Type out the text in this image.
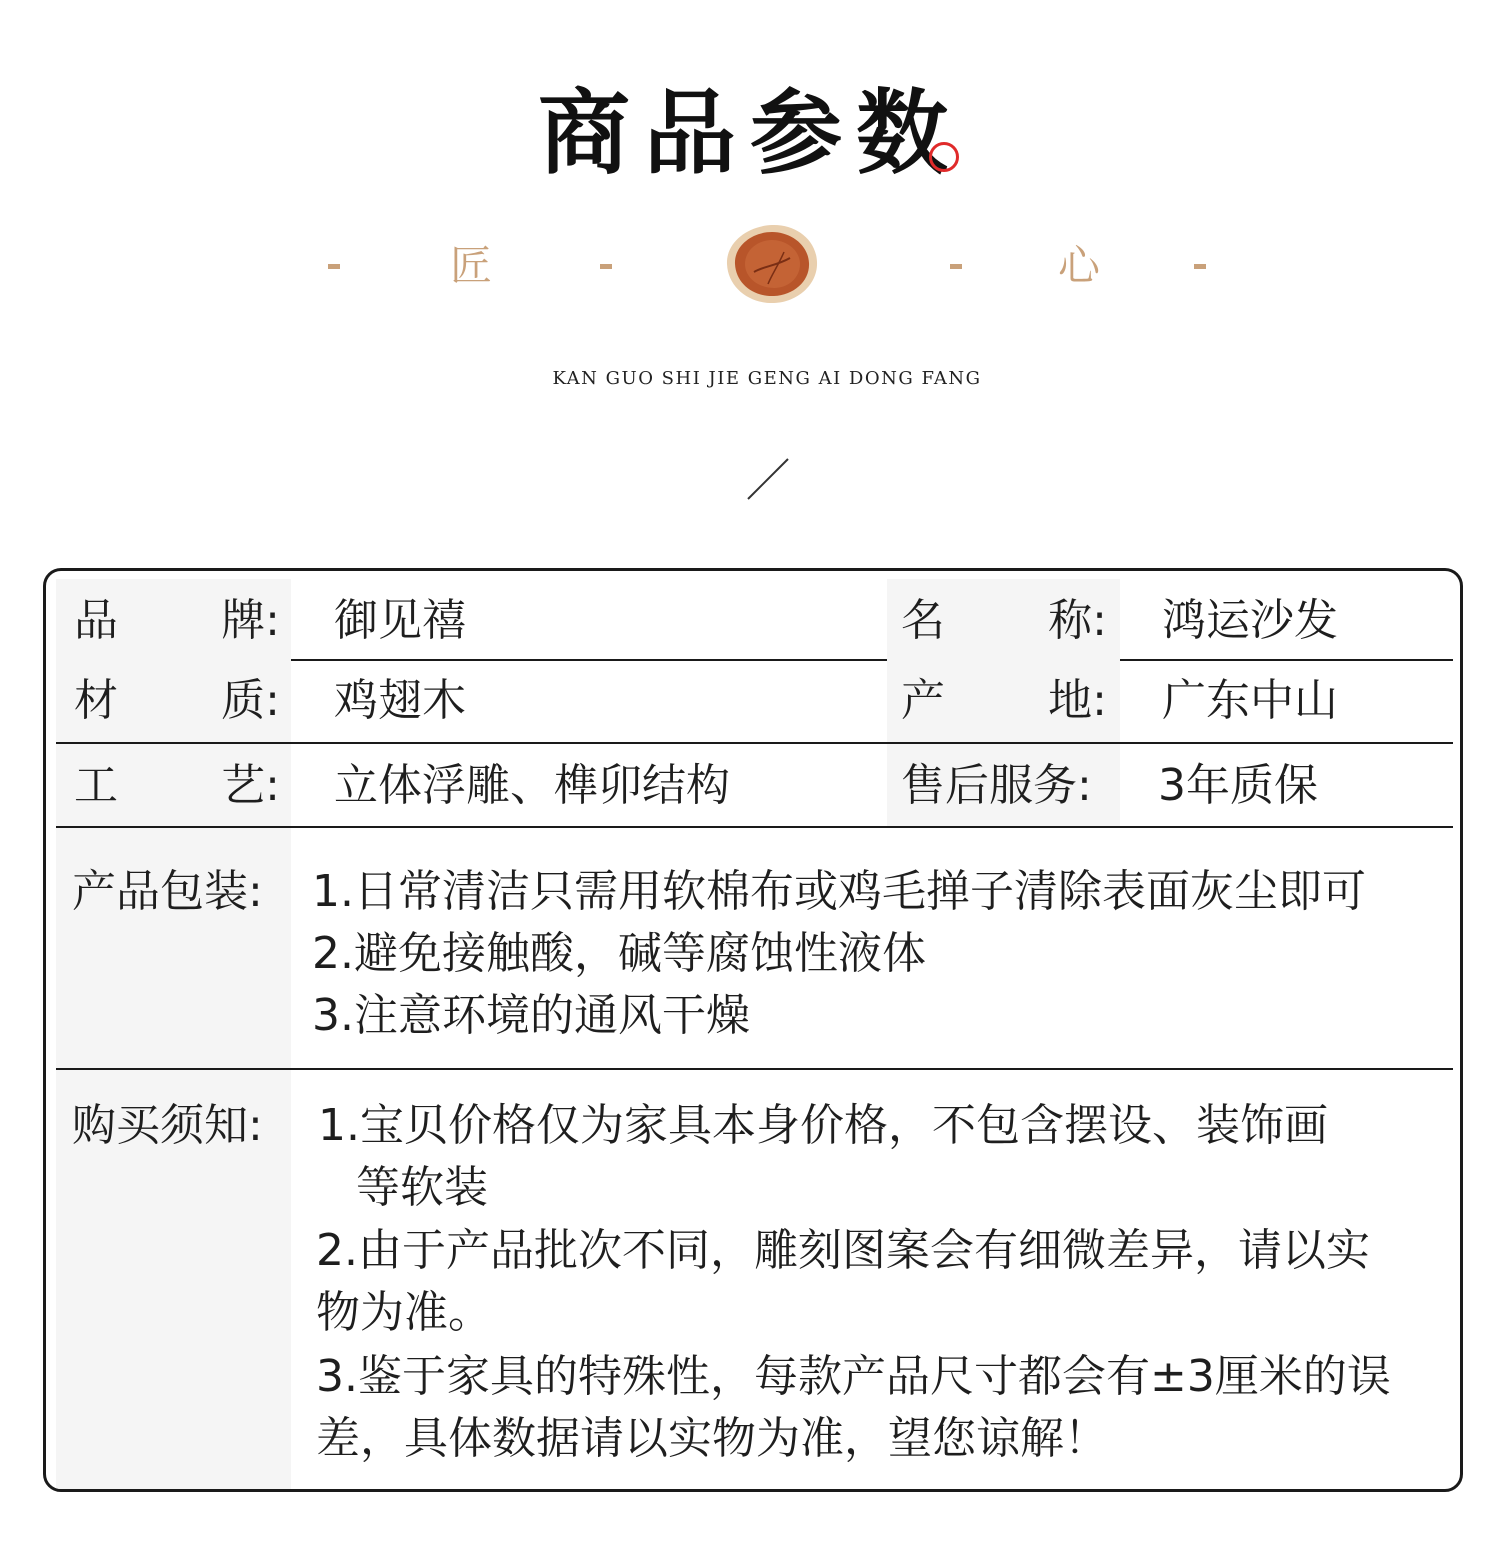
商品参数
匠	心
KAN GUO SHI JIE GENG AI DONG FANG
品 牌: 御见禧	名 称: 鸿运沙发
材 质: 鸡翅木	产 地: 广东中山
工 艺: 立体浮雕、榫卯结构	售后服务: 3年质保
产品包装: 1.日常清洁只需用软棉布或鸡毛掸子清除表面灰尘即可
2.避免接触酸，碱等腐蚀性液体
3.注意环境的通风干燥
购买须知: 1.宝贝价格仅为家具本身价格，不包含摆设、装饰画
等软装
2.由于产品批次不同，雕刻图案会有细微差异，请以实物为准。
3.鉴于家具的特殊性，每款产品尺寸都会有±3厘米的误差，具体数据请以实物为准，望您谅解！
